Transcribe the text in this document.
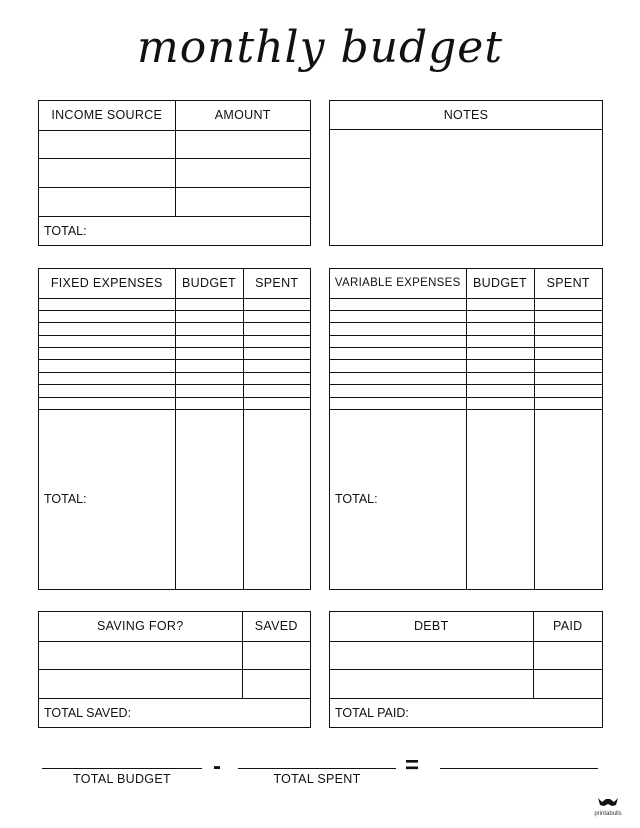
monthly budget
INCOME SOURCE	AMOUNT

TOTAL:	
NOTES
FIXED EXPENSES	BUDGET	SPENT

TOTAL:		
VARIABLE EXPENSES	BUDGET	SPENT

TOTAL:		
SAVING FOR?	SAVED

TOTAL SAVED:	
DEBT	PAID

TOTAL PAID:	
TOTAL BUDGET	-	TOTAL SPENT	=
printabulls
